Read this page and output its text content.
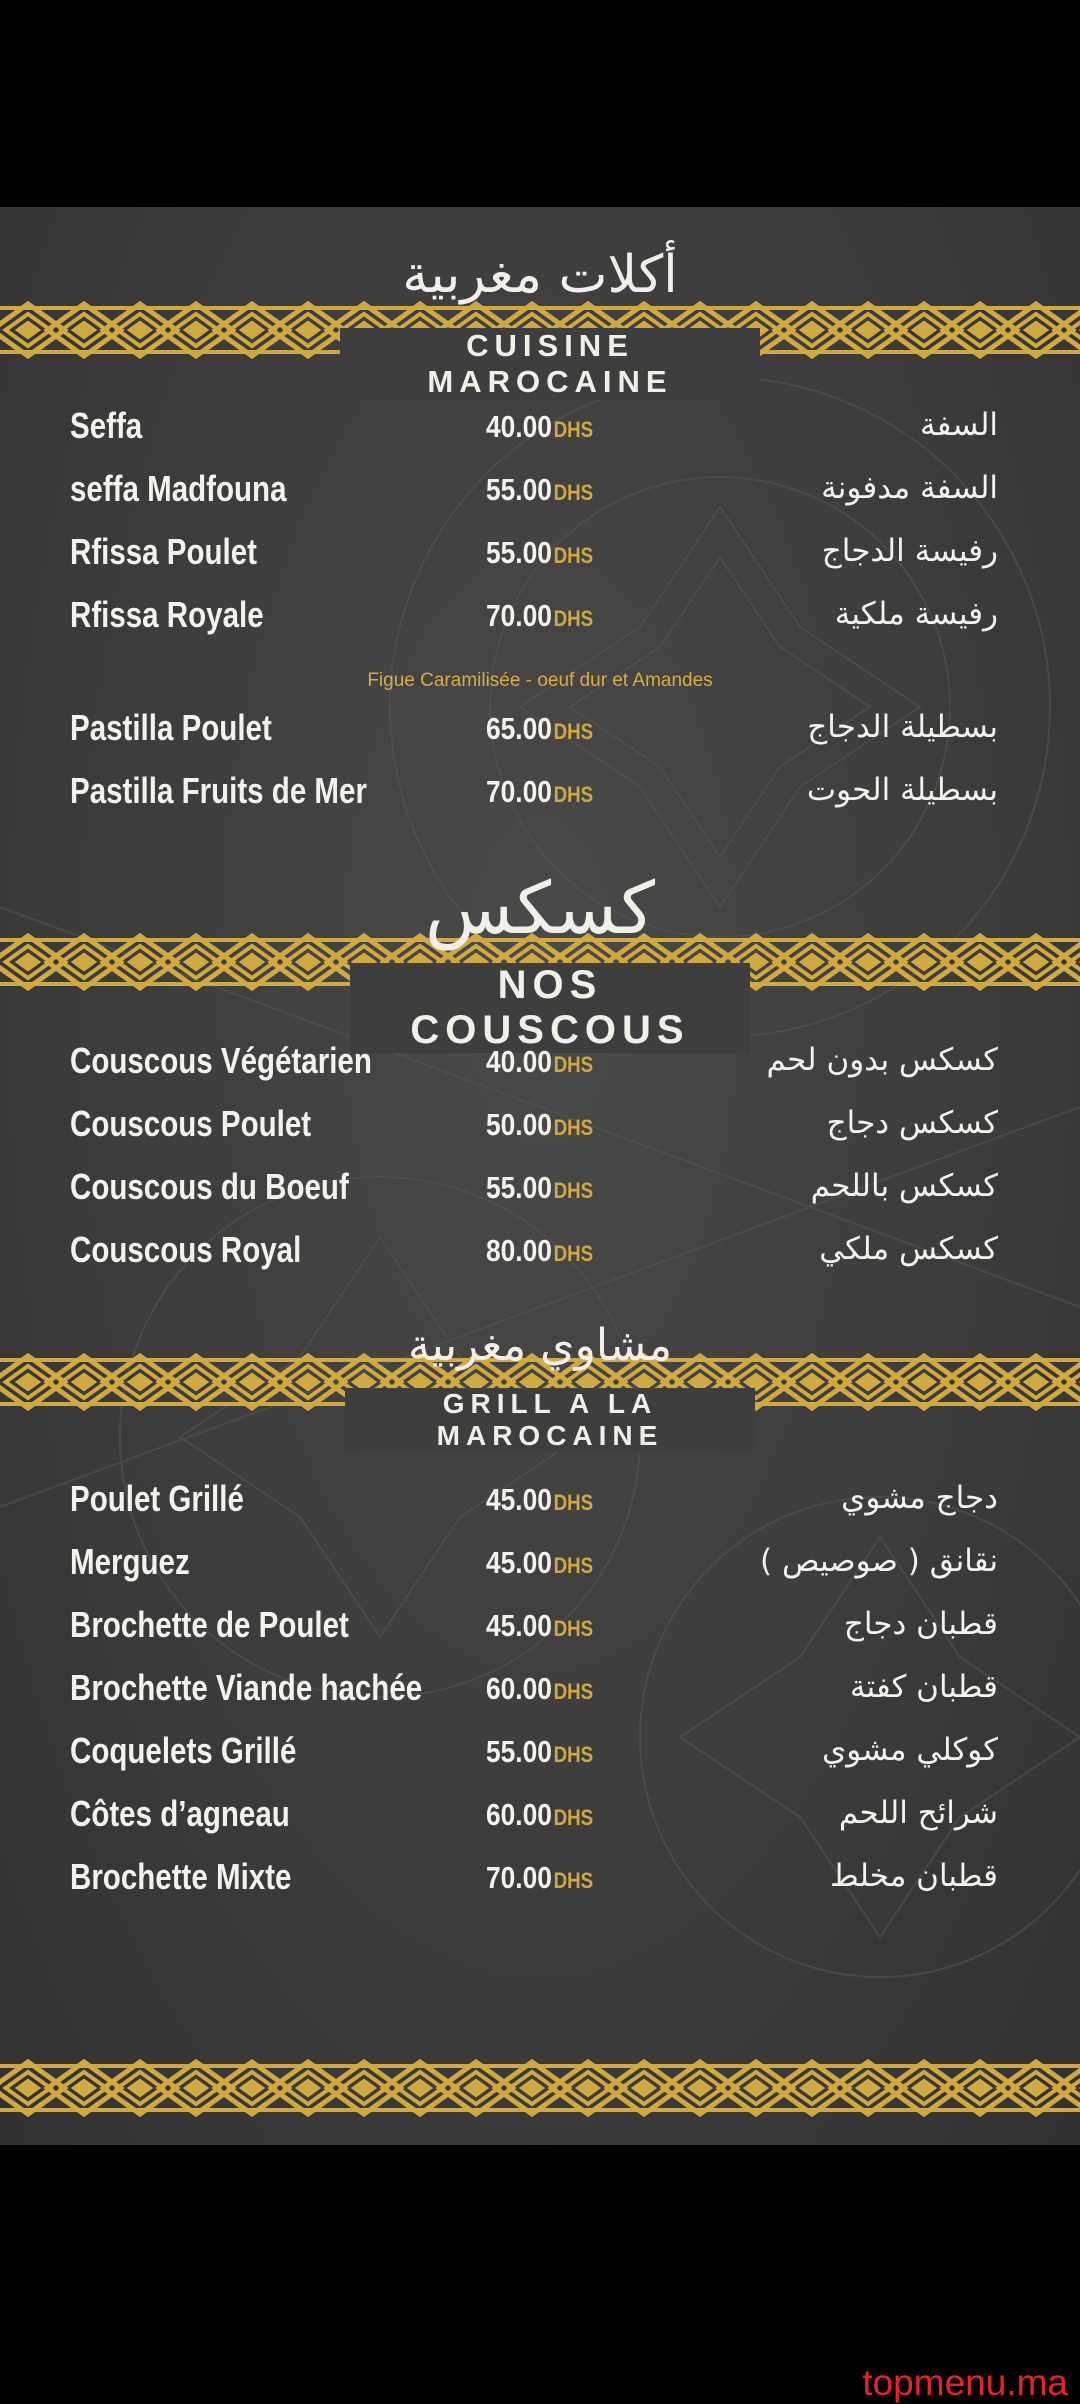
أكلات مغربية
CUISINE MAROCAINE
Seffa	40.00DHS	السفة
seffa Madfouna	55.00DHS	السفة مدفونة
Rfissa Poulet	55.00DHS	رفيسة الدجاج
Rfissa Royale	70.00DHS	رفيسة ملكية
Figue Caramilisée - oeuf dur et Amandes
Pastilla Poulet	65.00DHS	بسطيلة الدجاج
Pastilla Fruits de Mer	70.00DHS	بسطيلة الحوت
كسكس
NOS COUSCOUS
Couscous Végétarien	40.00DHS	كسكس بدون لحم
Couscous Poulet	50.00DHS	كسكس دجاج
Couscous du Boeuf	55.00DHS	كسكس باللحم
Couscous Royal	80.00DHS	كسكس ملكي
مشاوي مغربية
GRILL A LA MAROCAINE
Poulet Grillé	45.00DHS	دجاج مشوي
Merguez	45.00DHS	نقانق ( صوصيص )
Brochette de Poulet	45.00DHS	قطبان دجاج
Brochette Viande hachée 60.00DHS	قطبان كفتة
Coquelets Grillé	55.00DHS	كوكلي مشوي
Côtes d’agneau	60.00DHS	شرائح اللحم
Brochette Mixte	70.00DHS	قطبان مخلط
topmenu.ma
